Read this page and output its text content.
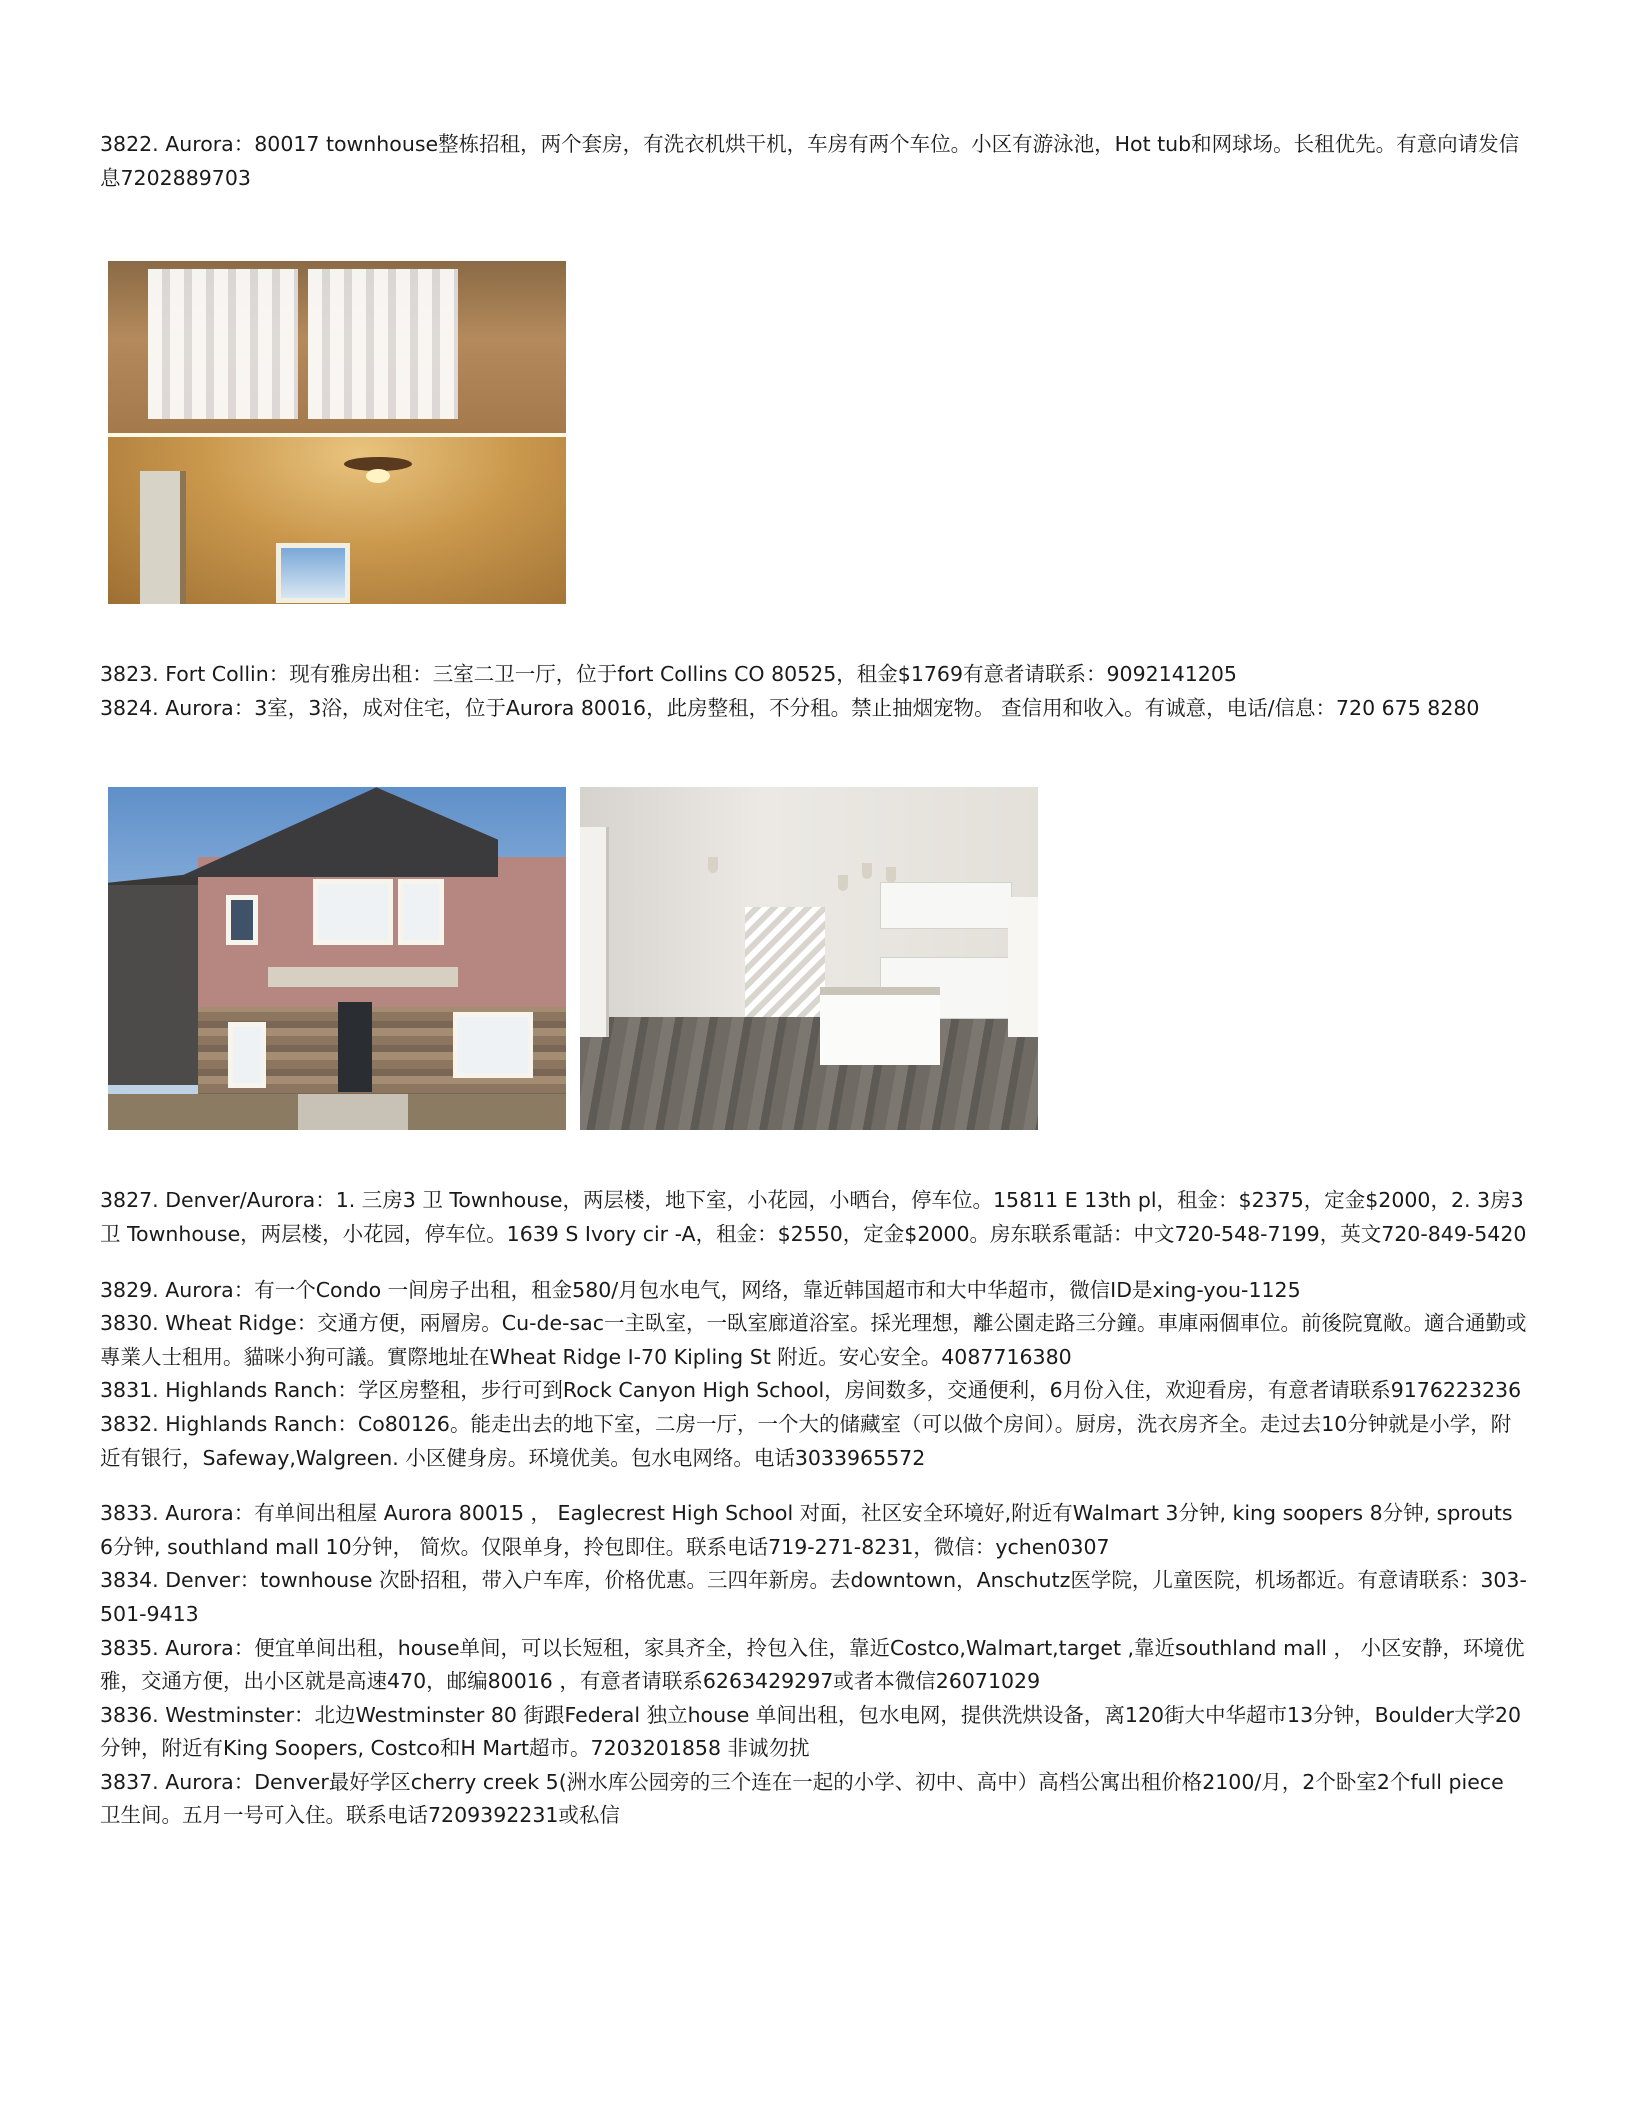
3822. Aurora：80017 townhouse整栋招租，两个套房，有洗衣机烘干机，车房有两个车位。小区有游泳池，Hot tub和网球场。长租优先。有意向请发信息7202889703

3823. Fort Collin：现有雅房出租：三室二卫一厅，位于fort Collins CO 80525，租金$1769有意者请联系：9092141205

3824. Aurora：3室，3浴，成对住宅，位于Aurora 80016，此房整租，不分租。禁止抽烟宠物。 查信用和收入。有诚意，电话/信息：720 675 8280

3827. Denver/Aurora：1. 三房3 卫 Townhouse，两层楼，地下室，小花园，小晒台，停车位。15811 E 13th pl，租金：$2375，定金$2000，2. 3房3 卫 Townhouse，两层楼，小花园，停车位。1639 S Ivory cir -A，租金：$2550，定金$2000。房东联系電話：中文720-548-7199，英文720-849-5420

3829. Aurora：有一个Condo 一间房子出租，租金580/月包水电气，网络，靠近韩国超市和大中华超市，微信ID是xing-you-1125

3830. Wheat Ridge：交通方便，兩層房。Cu-de-sac一主臥室，一臥室廊道浴室。採光理想，離公園走路三分鐘。車庫兩個車位。前後院寬敞。適合通勤或專業人士租用。貓咪小狗可議。實際地址在Wheat Ridge I-70 Kipling St 附近。安心安全。4087716380

3831. Highlands Ranch：学区房整租，步行可到Rock Canyon High School，房间数多，交通便利，6月份入住，欢迎看房，有意者请联系9176223236

3832. Highlands Ranch：Co80126。能走出去的地下室，二房一厅，一个大的储藏室（可以做个房间）。厨房，洗衣房齐全。走过去10分钟就是小学，附近有银行，Safeway,Walgreen. 小区健身房。环境优美。包水电网络。电话3033965572

3833. Aurora：有单间出租屋 Aurora 80015 ， Eaglecrest High School 对面，社区安全环境好,附近有Walmart 3分钟, king soopers 8分钟, sprouts 6分钟, southland mall 10分钟， 简炊。仅限单身，拎包即住。联系电话719-271-8231，微信：ychen0307

3834. Denver：townhouse 次卧招租，带入户车库，价格优惠。三四年新房。去downtown，Anschutz医学院，儿童医院，机场都近。有意请联系：303-501-9413

3835. Aurora：便宜单间出租，house单间，可以长短租，家具齐全，拎包入住，靠近Costco,Walmart,target ,靠近southland mall ， 小区安静，环境优雅，交通方便，出小区就是高速470，邮编80016 ，有意者请联系6263429297或者本微信26071029

3836. Westminster：北边Westminster 80 街跟Federal 独立house 单间出租，包水电网，提供洗烘设备，离120街大中华超市13分钟，Boulder大学20分钟，附近有King Soopers, Costco和H Mart超市。7203201858 非诚勿扰

3837. Aurora：Denver最好学区cherry creek 5(洲水库公园旁的三个连在一起的小学、初中、高中）高档公寓出租价格2100/月，2个卧室2个full piece 卫生间。五月一号可入住。联系电话7209392231或私信
